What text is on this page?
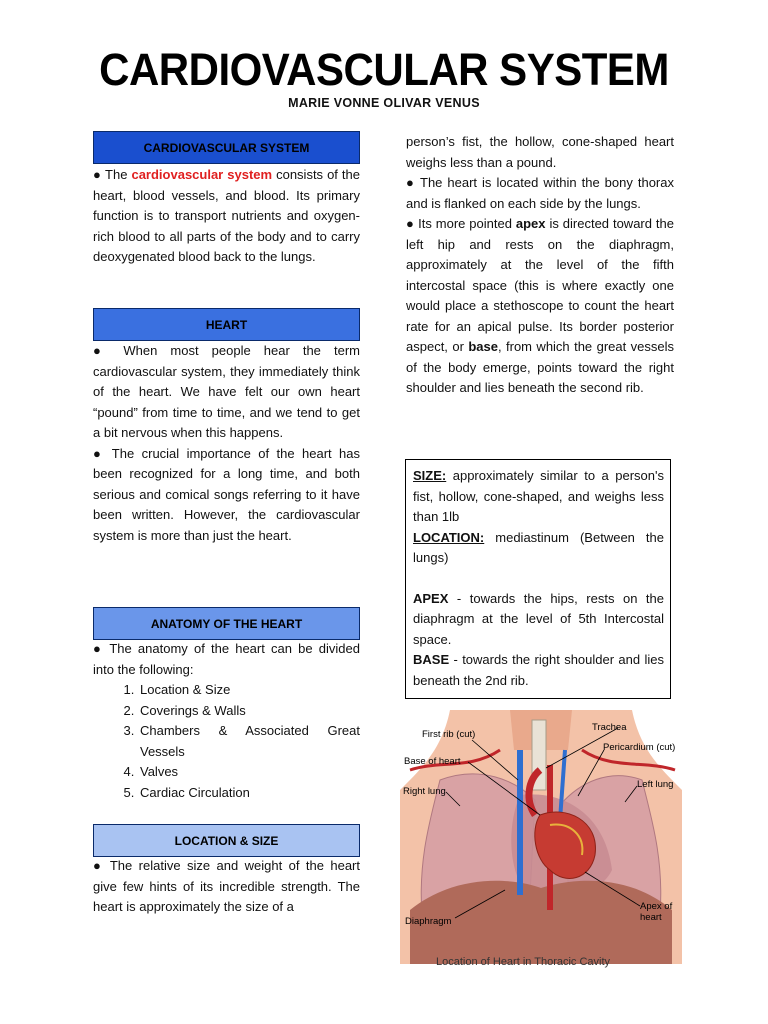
CARDIOVASCULAR SYSTEM
MARIE VONNE OLIVAR VENUS
CARDIOVASCULAR SYSTEM

● The cardiovascular system consists of the heart, blood vessels, and blood. Its primary function is to transport nutrients and oxygen-rich blood to all parts of the body and to carry deoxygenated blood back to the lungs.

HEART

● When most people hear the term cardiovascular system, they immediately think of the heart. We have felt our own heart “pound” from time to time, and we tend to get a bit nervous when this happens.

● The crucial importance of the heart has been recognized for a long time, and both serious and comical songs referring to it have been written. However, the cardiovascular system is more than just the heart.

ANATOMY OF THE HEART

● The anatomy of the heart can be divided into the following:

1. Location & Size
2. Coverings & Walls
3. Chambers & Associated Great Vessels
4. Valves
5. Cardiac Circulation
LOCATION & SIZE

● The relative size and weight of the heart give few hints of its incredible strength. The heart is approximately the size of a

person’s fist, the hollow, cone-shaped heart weighs less than a pound.

● The heart is located within the bony thorax and is flanked on each side by the lungs.

● Its more pointed apex is directed toward the left hip and rests on the diaphragm, approximately at the level of the fifth intercostal space (this is where exactly one would place a stethoscope to count the heart rate for an apical pulse. Its border posterior aspect, or base, from which the great vessels of the body emerge, points toward the right shoulder and lies beneath the second rib.

SIZE: approximately similar to a person's fist, hollow, cone-shaped, and weighs less than 1lb

LOCATION: mediastinum (Between the lungs)

APEX - towards the hips, rests on the diaphragm at the level of 5th Intercostal space.

BASE - towards the right shoulder and lies beneath the 2nd rib.

First rib (cut)
Trachea
Pericardium (cut)
Base of heart
Left lung
Right lung
Diaphragm
Apex of
heart
Location of Heart in Thoracic Cavity
